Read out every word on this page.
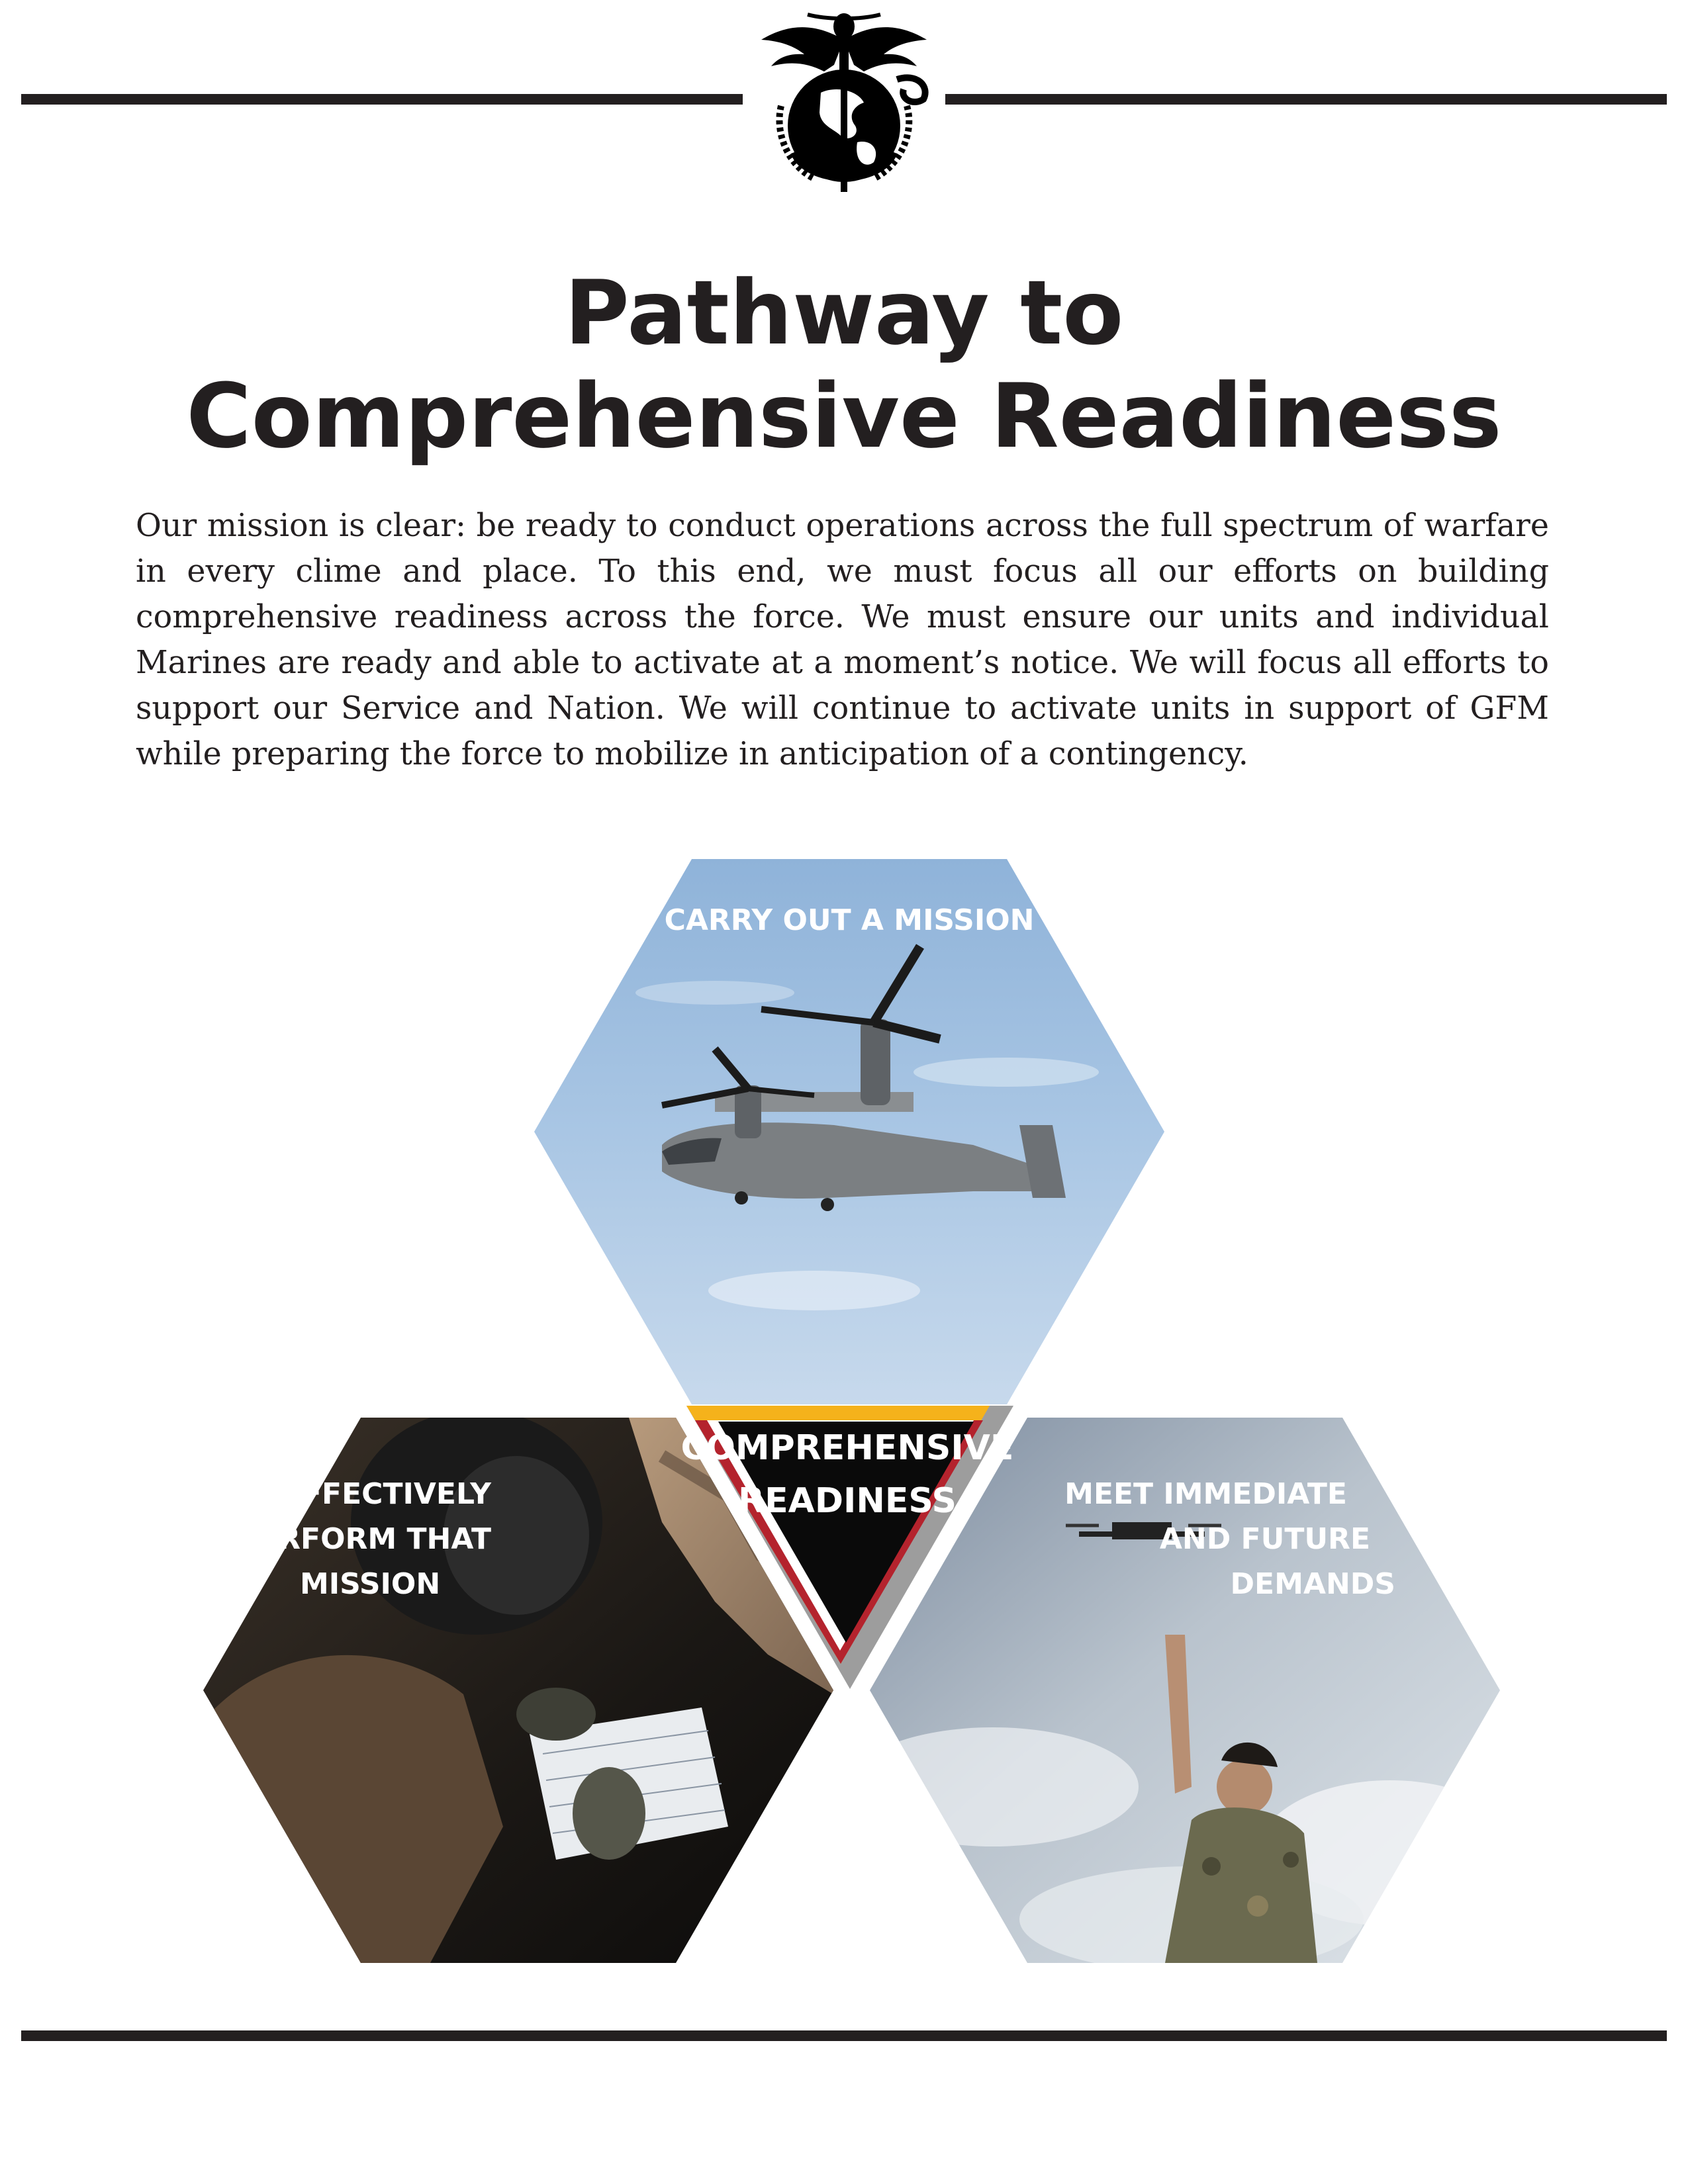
Pathway to
Comprehensive Readiness

Our mission is clear: be ready to conduct operations across the full spectrum of warfare in every clime and place. To this end, we must focus all our efforts on building comprehensive readiness across the force. We must ensure our units and individual Marines are ready and able to activate at a moment’s notice. We will focus all efforts to support our Service and Nation. We will continue to activate units in support of GFM while preparing the force to mobilize in anticipation of a contingency.

CARRY OUT A MISSION
EFFECTIVELY
PERFORM THAT
MISSION
MEET IMMEDIATE
AND FUTURE
DEMANDS
COMPREHENSIVE
READINESS
